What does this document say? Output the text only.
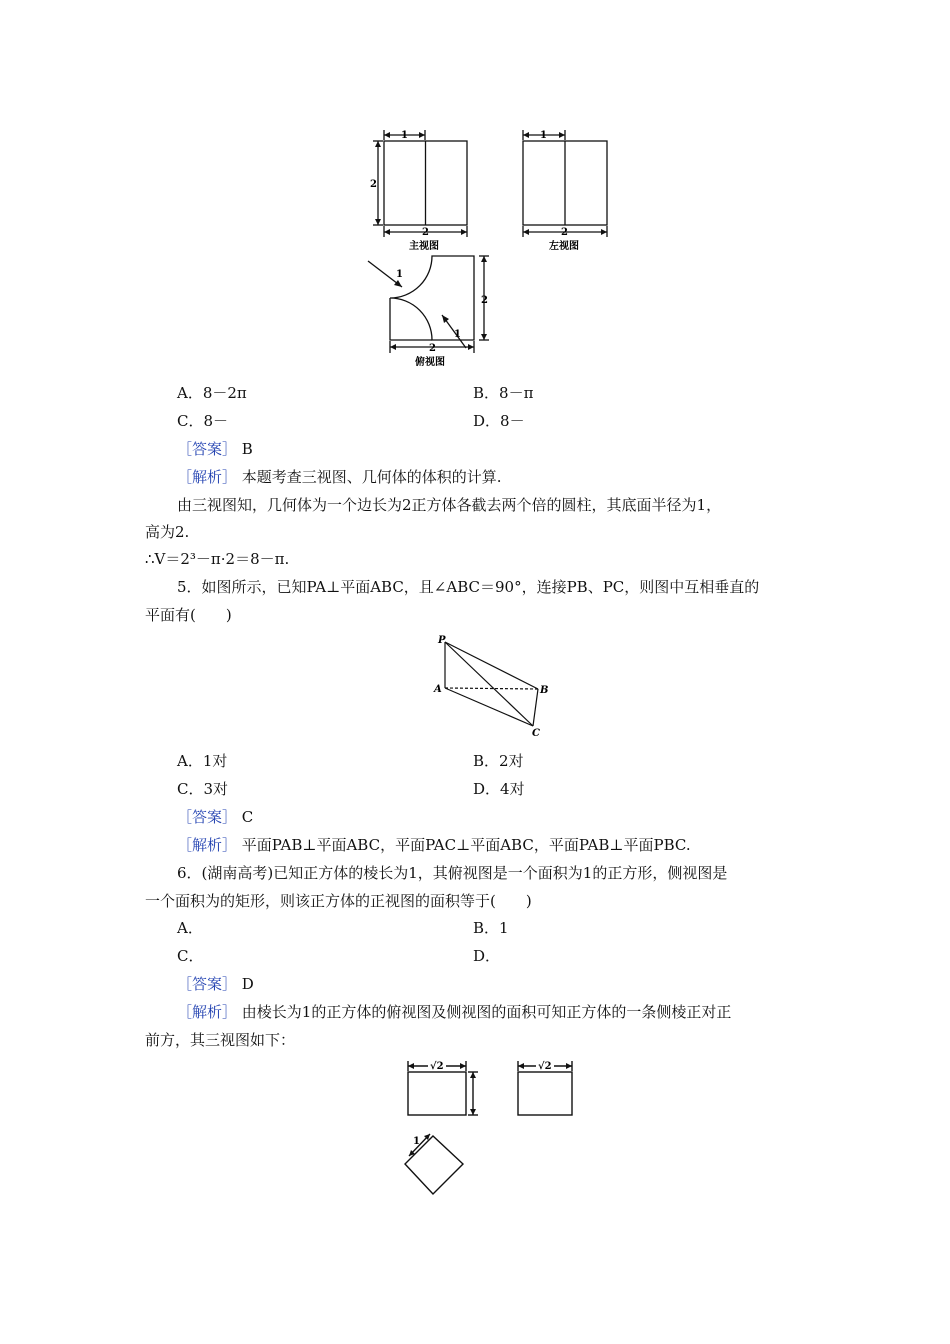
1
2
2
主视图
1
2
左视图
1
1
2
2
俯视图
A．8－2π	B．8－π
C．8－	D．8－
［答案］ B
［解析］ 本题考查三视图、几何体的体积的计算.
由三视图知，几何体为一个边长为2正方体各截去两个倍的圆柱，其底面半径为1，
高为2.
∴V＝2³－π·2＝8－π.
5．如图所示，已知PA⊥平面ABC，且∠ABC＝90°，连接PB、PC，则图中互相垂直的
平面有(　　)
P
A	B
C
A．1对	B．2对
C．3对	D．4对
［答案］ C
［解析］ 平面PAB⊥平面ABC，平面PAC⊥平面ABC，平面PAB⊥平面PBC.
6．(湖南高考)已知正方体的棱长为1，其俯视图是一个面积为1的正方形，侧视图是
一个面积为的矩形，则该正方体的正视图的面积等于(　　)
A．	B．1
C．	D．
［答案］ D
［解析］ 由棱长为1的正方体的俯视图及侧视图的面积可知正方体的一条侧棱正对正
前方，其三视图如下：
√2	√2
1
